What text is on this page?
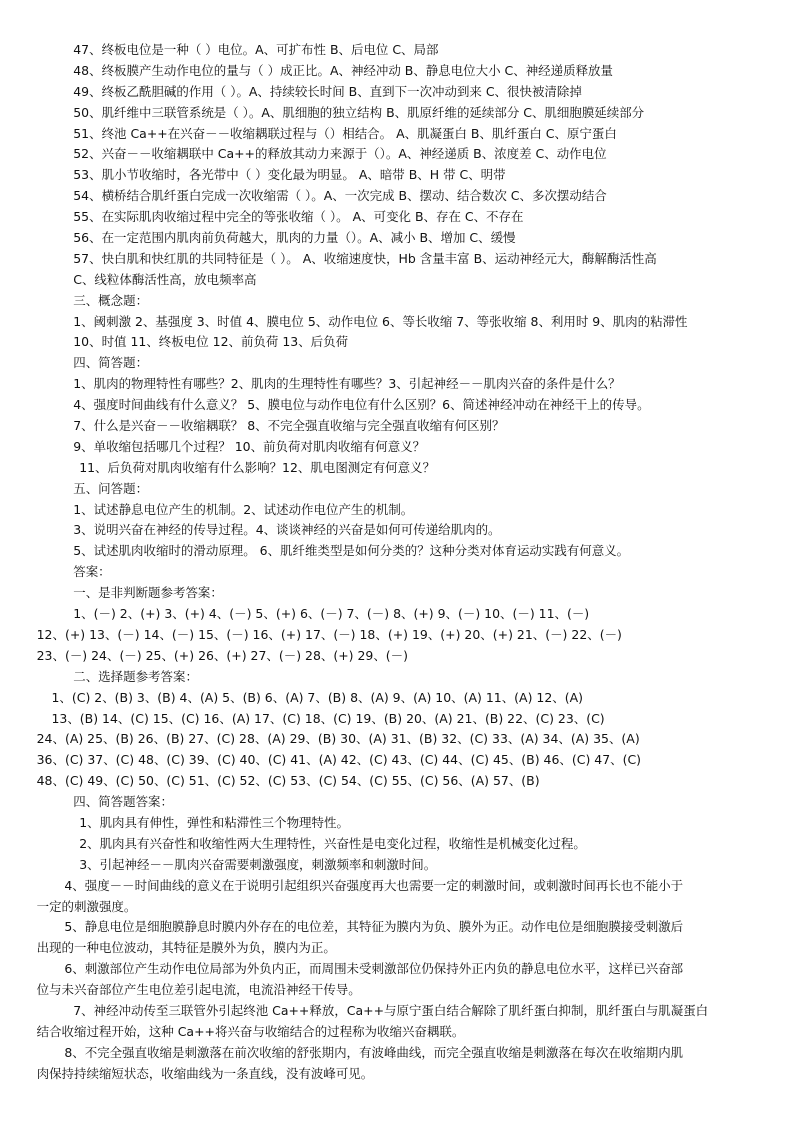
47、终板电位是一种（ ）电位。A、可扩布性 B、后电位 C、局部
48、终板膜产生动作电位的量与（ ）成正比。A、神经冲动 B、静息电位大小 C、神经递质释放量
49、终板乙酰胆碱的作用（ ）。A、持续较长时间 B、直到下一次冲动到来 C、很快被清除掉
50、肌纤维中三联管系统是（ ）。A、肌细胞的独立结构 B、肌原纤维的延续部分 C、肌细胞膜延续部分
51、终池 Ca++在兴奋－－收缩耦联过程与（）相结合。 A、肌凝蛋白 B、肌纤蛋白 C、原宁蛋白
52、兴奋－－收缩耦联中 Ca++的释放其动力来源于（）。A、神经递质 B、浓度差 C、动作电位
53、肌小节收缩时，各光带中（ ）变化最为明显。 A、暗带 B、H 带 C、明带
54、横桥结合肌纤蛋白完成一次收缩需（ ）。A、一次完成 B、摆动、结合数次 C、多次摆动结合
55、在实际肌肉收缩过程中完全的等张收缩（ ）。 A、可变化 B、存在 C、不存在
56、在一定范围内肌肉前负荷越大，肌肉的力量（）。A、减小 B、增加 C、缓慢
57、快白肌和快红肌的共同特征是（ ）。 A、收缩速度快，Hb 含量丰富 B、运动神经元大，酶解酶活性高
C、线粒体酶活性高，放电频率高
三、概念题：
1、阈刺激 2、基强度 3、时值 4、膜电位 5、动作电位 6、等长收缩 7、等张收缩 8、利用时 9、肌肉的粘滞性
10、时值 11、终板电位 12、前负荷 13、后负荷
四、简答题：
1、肌肉的物理特性有哪些？2、肌肉的生理特性有哪些？3、引起神经－－肌肉兴奋的条件是什么？
4、强度时间曲线有什么意义？ 5、膜电位与动作电位有什么区别？6、简述神经冲动在神经干上的传导。
7、什么是兴奋－－收缩耦联？ 8、不完全强直收缩与完全强直收缩有何区别？
9、单收缩包括哪几个过程？ 10、前负荷对肌肉收缩有何意义？
11、后负荷对肌肉收缩有什么影响？12、肌电图测定有何意义？
五、问答题：
1、试述静息电位产生的机制。2、试述动作电位产生的机制。
3、说明兴奋在神经的传导过程。4、谈谈神经的兴奋是如何可传递给肌肉的。
5、试述肌肉收缩时的滑动原理。 6、肌纤维类型是如何分类的？这种分类对体育运动实践有何意义。
答案：
一、是非判断题参考答案：
1、(－) 2、(+) 3、(+) 4、(－) 5、(+) 6、(－) 7、(－) 8、(+) 9、(－) 10、(－) 11、(－)
12、(+) 13、(－) 14、(－) 15、(－) 16、(+) 17、(－) 18、(+) 19、(+) 20、(+) 21、(－) 22、(－)
23、(－) 24、(－) 25、(+) 26、(+) 27、(－) 28、(+) 29、(－)
二、选择题参考答案：
1、(C) 2、(B) 3、(B) 4、(A) 5、(B) 6、(A) 7、(B) 8、(A) 9、(A) 10、(A) 11、(A) 12、(A)
13、(B) 14、(C) 15、(C) 16、(A) 17、(C) 18、(C) 19、(B) 20、(A) 21、(B) 22、(C) 23、(C)
24、(A) 25、(B) 26、(B) 27、(C) 28、(A) 29、(B) 30、(A) 31、(B) 32、(C) 33、(A) 34、(A) 35、(A)
36、(C) 37、(C) 48、(C) 39、(C) 40、(C) 41、(A) 42、(C) 43、(C) 44、(C) 45、(B) 46、(C) 47、(C)
48、(C) 49、(C) 50、(C) 51、(C) 52、(C) 53、(C) 54、(C) 55、(C) 56、(A) 57、(B)
四、简答题答案：
1、肌肉具有伸性，弹性和粘滞性三个物理特性。
2、肌肉具有兴奋性和收缩性两大生理特性，兴奋性是电变化过程，收缩性是机械变化过程。
3、引起神经－－肌肉兴奋需要刺激强度，刺激频率和刺激时间。
4、强度－－时间曲线的意义在于说明引起组织兴奋强度再大也需要一定的刺激时间，或刺激时间再长也不能小于
一定的刺激强度。
5、静息电位是细胞膜静息时膜内外存在的电位差，其特征为膜内为负、膜外为正。动作电位是细胞膜接受刺激后
出现的一种电位波动，其特征是膜外为负，膜内为正。
6、刺激部位产生动作电位局部为外负内正，而周围未受刺激部位仍保持外正内负的静息电位水平，这样已兴奋部
位与未兴奋部位产生电位差引起电流，电流沿神经干传导。
7、神经冲动传至三联管外引起终池 Ca++释放，Ca++与原宁蛋白结合解除了肌纤蛋白抑制，肌纤蛋白与肌凝蛋白
结合收缩过程开始，这种 Ca++将兴奋与收缩结合的过程称为收缩兴奋耦联。
8、不完全强直收缩是刺激落在前次收缩的舒张期内，有波峰曲线，而完全强直收缩是刺激落在每次在收缩期内肌
肉保持持续缩短状态，收缩曲线为一条直线，没有波峰可见。
